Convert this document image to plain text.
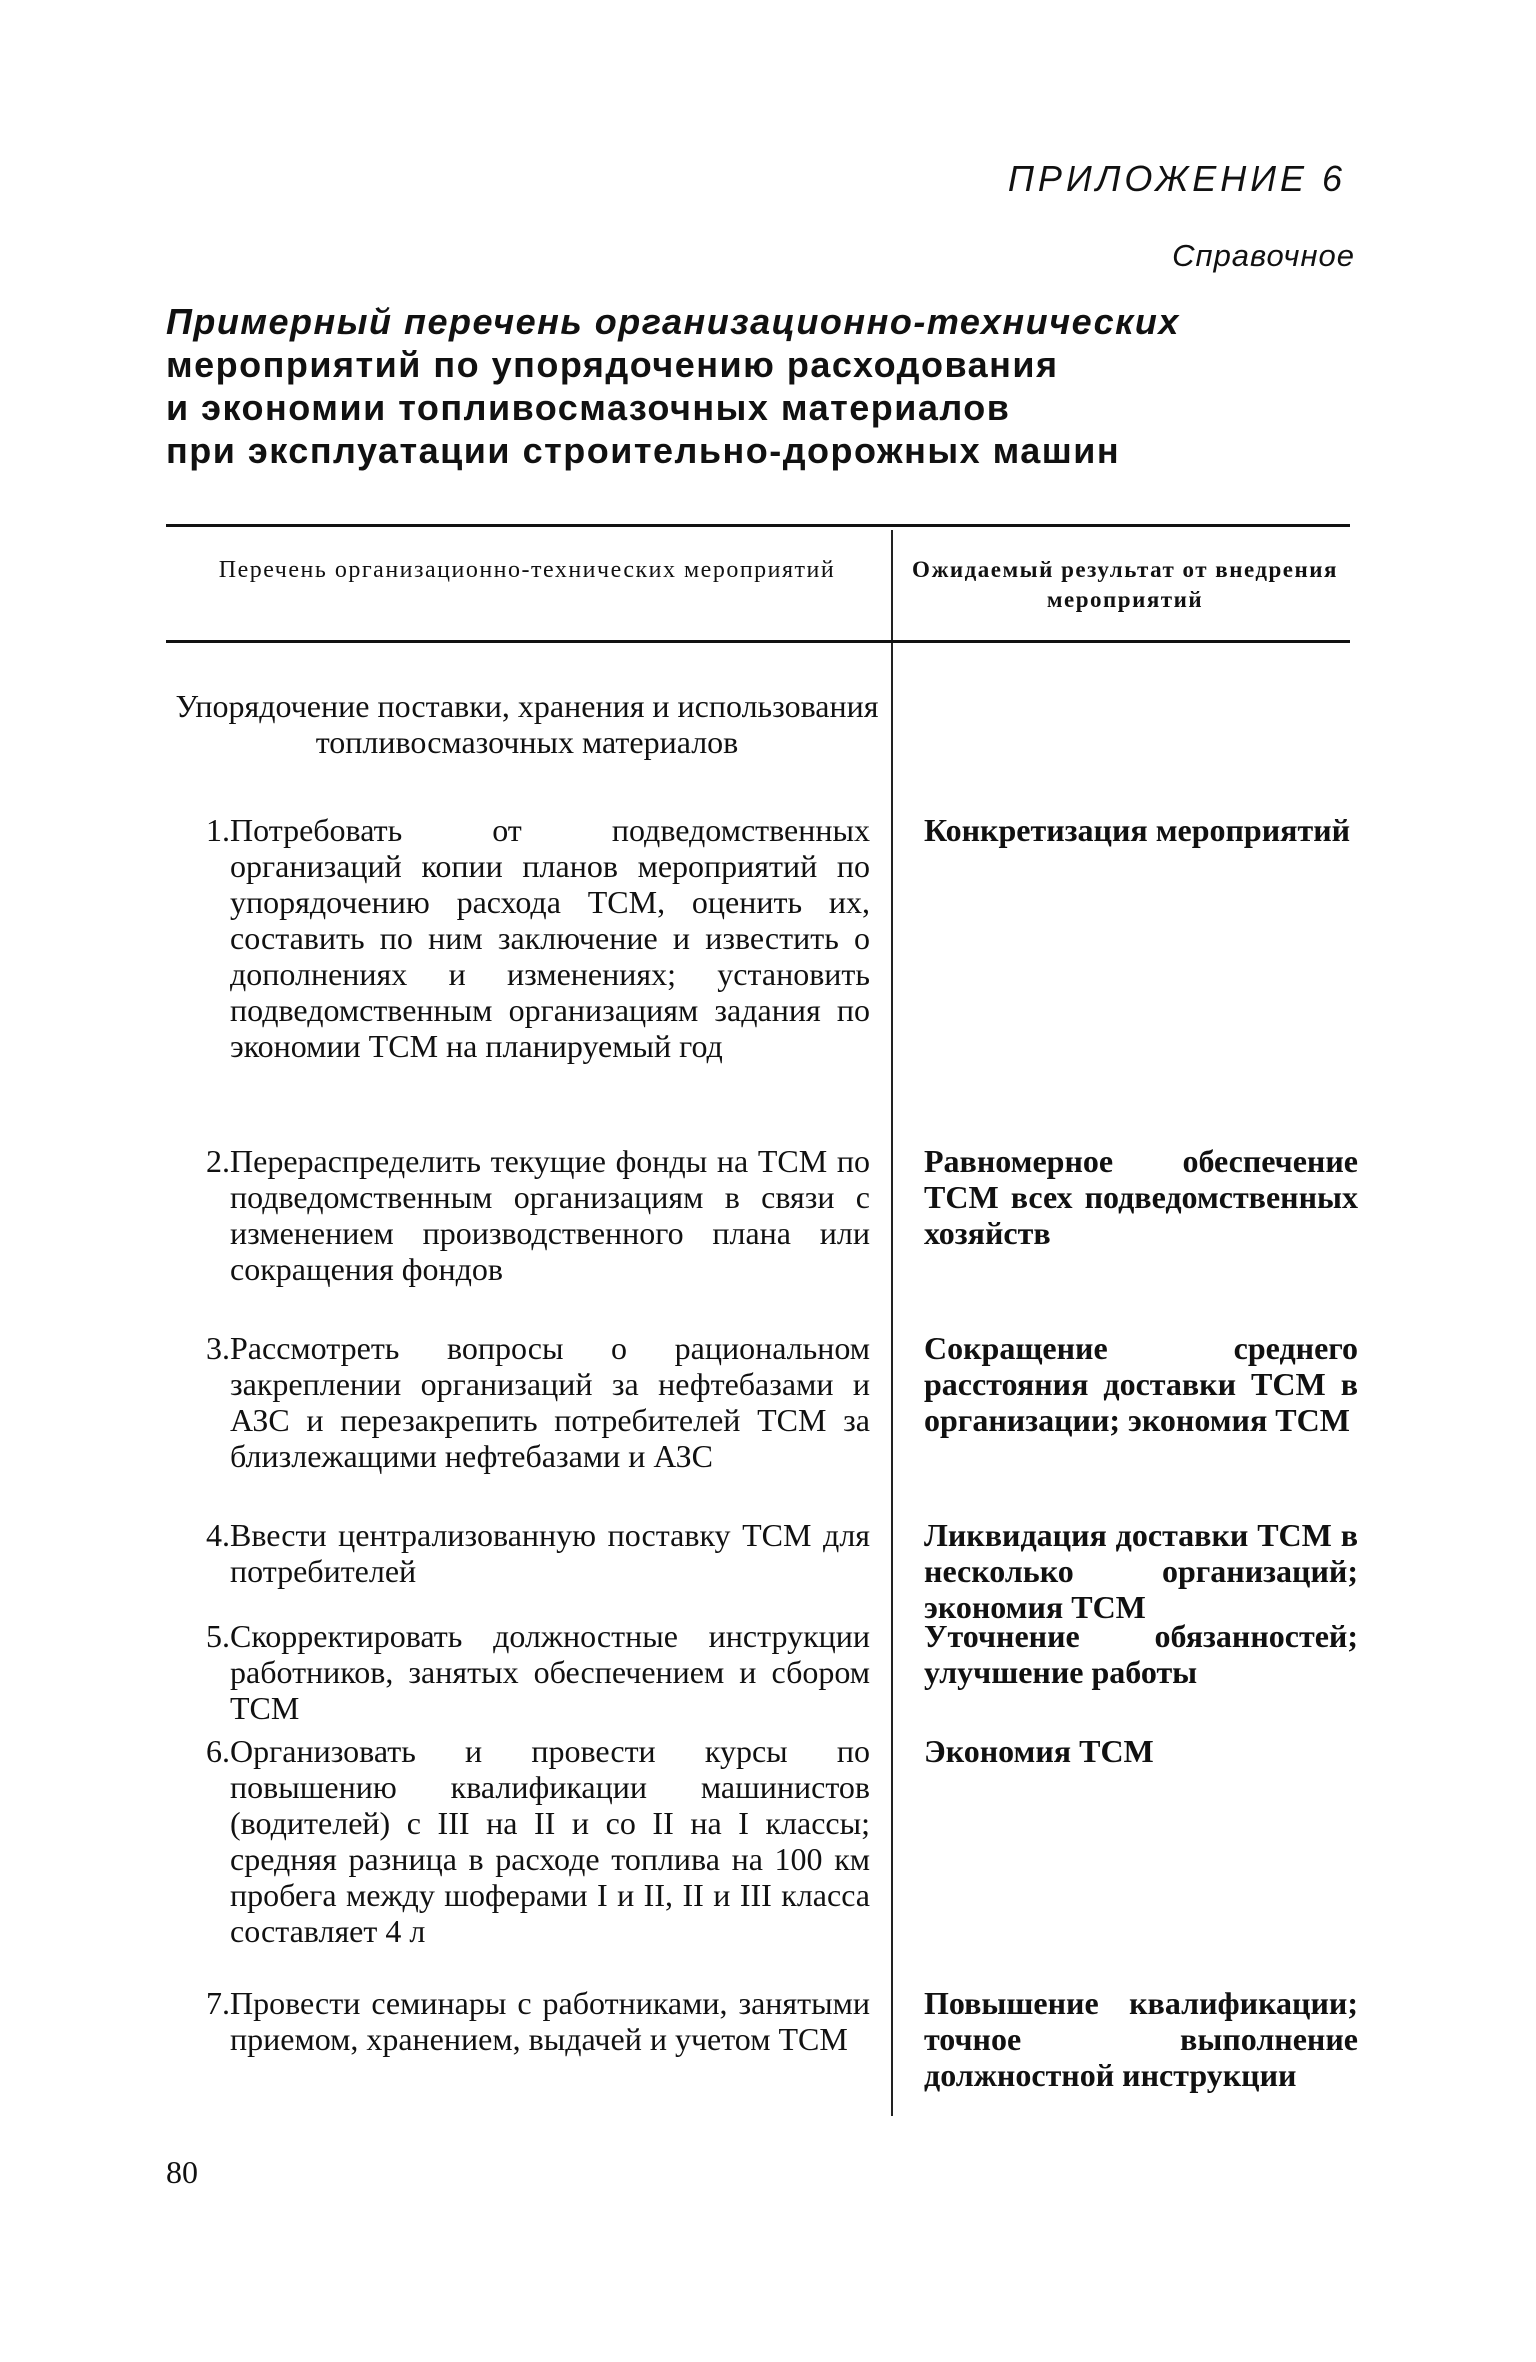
ПРИЛОЖЕНИЕ 6
Справочное
Примерный перечень организационно-технических
мероприятий по упорядочению расходования
и экономии топливосмазочных материалов
при эксплуатации строительно-дорожных машин
Перечень организационно-технических мероприятий	Ожидаемый результат от внедрения мероприятий
Упорядочение поставки, хранения и использования топливосмазочных материалов
1. Потребовать от подведомственных организаций копии планов мероприятий по упорядочению расхода ТСМ, оценить их, составить по ним заключение и известить о дополнениях и изменениях; установить подведомственным организациям задания по экономии ТСМ на планируемый год
Конкретизация мероприятий
2. Перераспределить текущие фонды на ТСМ по подведомственным организациям в связи с изменением производственного плана или сокращения фондов
Равномерное обеспечение ТСМ всех подведомственных хозяйств
3. Рассмотреть вопросы о рациональном закреплении организаций за нефтебазами и АЗС и перезакрепить потребителей ТСМ за близлежащими нефтебазами и АЗС
Сокращение среднего расстояния доставки ТСМ в организации; экономия ТСМ
4. Ввести централизованную поставку ТСМ для потребителей
Ликвидация доставки ТСМ в несколько организаций; экономия ТСМ
5. Скорректировать должностные инструкции работников, занятых обеспечением и сбором ТСМ
Уточнение обязанностей; улучшение работы
6. Организовать и провести курсы по повышению квалификации машинистов (водителей) с III на II и со II на I классы; средняя разница в расходе топлива на 100 км пробега между шоферами I и II, II и III класса составляет 4 л
Экономия ТСМ
7. Провести семинары с работниками, занятыми приемом, хранением, выдачей и учетом ТСМ
Повышение квалификации; точное выполнение должностной инструкции
80
